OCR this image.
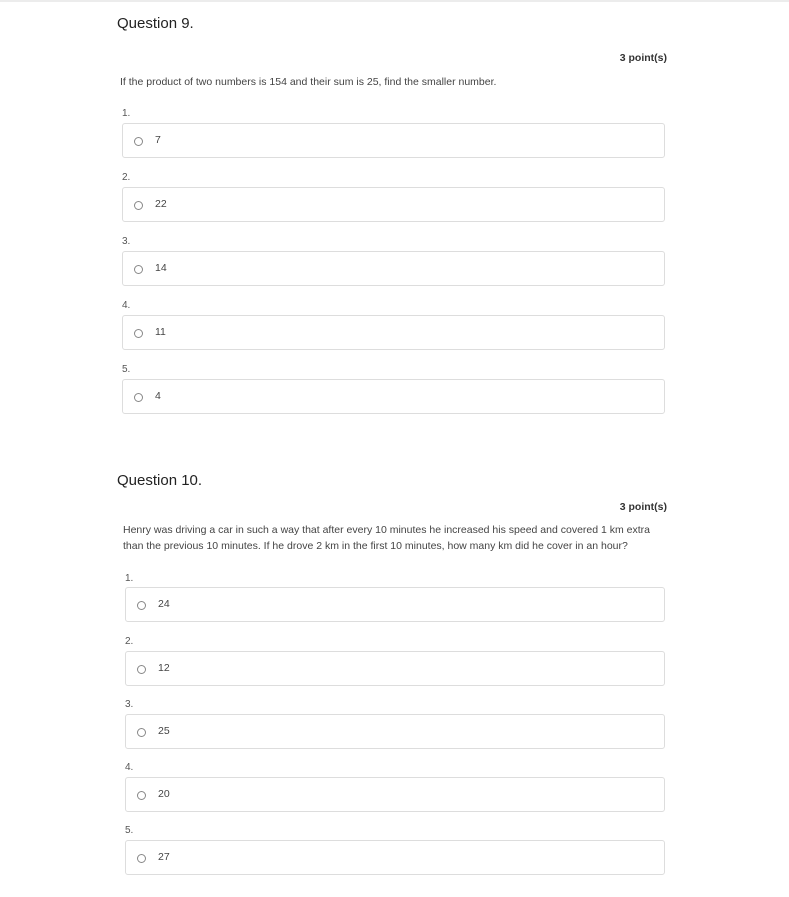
Question 9.
3 point(s)
If the product of two numbers is 154 and their sum is 25, find the smaller number.
1.
7
2.
22
3.
14
4.
11
5.
4
Question 10.
3 point(s)
Henry was driving a car in such a way that after every 10 minutes he increased his speed and covered 1 km extra than the previous 10 minutes. If he drove 2 km in the first 10 minutes, how many km did he cover in an hour?
1.
24
2.
12
3.
25
4.
20
5.
27
